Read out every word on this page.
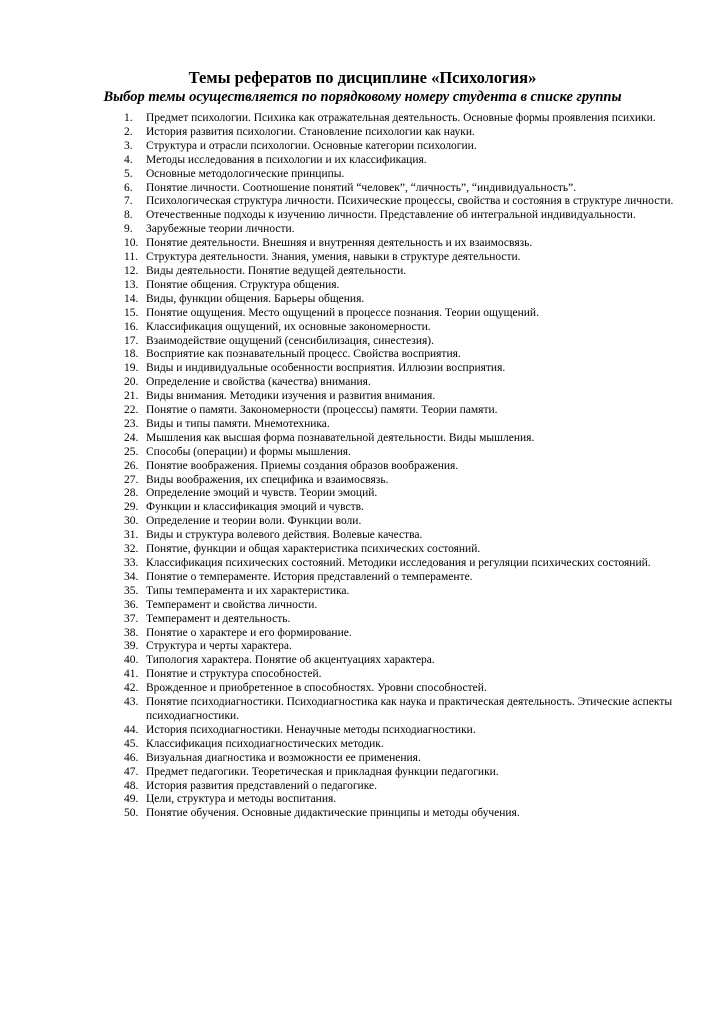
Темы рефератов по дисциплине «Психология»
Выбор темы осуществляется по порядковому номеру студента в списке группы
1.	Предмет психологии. Психика как отражательная деятельность. Основные формы проявления психики.
2.	История развития психологии. Становление психологии как науки.
3.	Структура и отрасли психологии. Основные категории психологии.
4.	Методы исследования в психологии и их классификация.
5.	Основные методологические принципы.
6.	Понятие личности. Соотношение понятий “человек”, “личность”, “индивидуальность”.
7.	Психологическая структура личности. Психические процессы, свойства и состояния в структуре личности.
8.	Отечественные подходы к изучению личности. Представление об интегральной индивидуальности.
9.	Зарубежные теории личности.
10. Понятие деятельности. Внешняя и внутренняя деятельность и их взаимосвязь.
11. Структура деятельности. Знания, умения, навыки в структуре деятельности.
12. Виды деятельности. Понятие ведущей деятельности.
13. Понятие общения. Структура общения.
14. Виды, функции общения. Барьеры общения.
15. Понятие ощущения. Место ощущений в процессе познания. Теории ощущений.
16. Классификация ощущений, их основные закономерности.
17. Взаимодействие ощущений (сенсибилизация, синестезия).
18. Восприятие как познавательный процесс. Свойства восприятия.
19. Виды и индивидуальные особенности восприятия. Иллюзии восприятия.
20. Определение и свойства (качества) внимания.
21. Виды внимания. Методики изучения и развития внимания.
22. Понятие о памяти. Закономерности (процессы) памяти. Теории памяти.
23. Виды и типы памяти. Мнемотехника.
24. Мышления как высшая форма познавательной деятельности. Виды мышления.
25. Способы (операции) и формы мышления.
26. Понятие воображения. Приемы создания образов воображения.
27. Виды воображения, их специфика и взаимосвязь.
28. Определение эмоций и чувств. Теории эмоций.
29. Функции и классификация эмоций и чувств.
30. Определение и теории воли. Функции воли.
31. Виды и структура волевого действия. Волевые качества.
32. Понятие, функции и общая характеристика психических состояний.
33. Классификация психических состояний. Методики исследования и регуляции психических состояний.
34. Понятие о темпераменте. История представлений о темпераменте.
35. Типы темперамента и их характеристика.
36. Темперамент и свойства личности.
37. Темперамент и деятельность.
38. Понятие о характере и его формирование.
39. Структура и черты характера.
40. Типология характера. Понятие об акцентуациях характера.
41. Понятие и структура способностей.
42. Врожденное и приобретенное в способностях. Уровни способностей.
43. Понятие психодиагностики. Психодиагностика как наука и практическая деятельность. Этические аспекты психодиагностики.
44. История психодиагностики. Ненаучные методы психодиагностики.
45. Классификация психодиагностических методик.
46. Визуальная диагностика и возможности ее применения.
47. Предмет педагогики. Теоретическая и прикладная функции педагогики.
48. История развития представлений о педагогике.
49. Цели, структура и методы воспитания.
50. Понятие обучения. Основные дидактические принципы и методы обучения.
